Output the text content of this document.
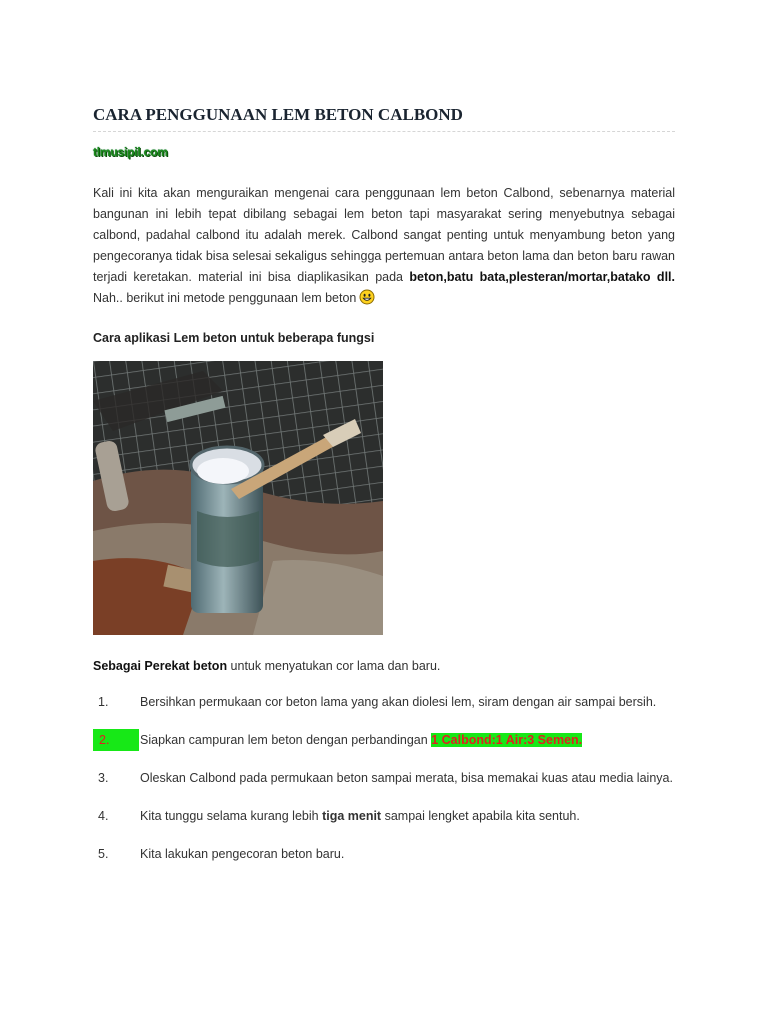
CARA PENGGUNAAN LEM BETON CALBOND
tlmusipil.com

Kali ini kita akan menguraikan mengenai cara penggunaan lem beton Calbond, sebenarnya material bangunan ini lebih tepat dibilang sebagai lem beton tapi masyarakat sering menyebutnya sebagai calbond, padahal calbond itu adalah merek. Calbond sangat penting untuk menyambung beton yang pengecoranya tidak bisa selesai sekaligus sehingga pertemuan antara beton lama dan beton baru rawan terjadi keretakan. material ini bisa diaplikasikan pada beton,batu bata,plesteran/mortar,batako dll. Nah.. berikut ini metode penggunaan lem beton

Cara aplikasi Lem beton untuk beberapa fungsi
Sebagai Perekat beton untuk menyatukan cor lama dan baru.
1.	Bersihkan permukaan cor beton lama yang akan diolesi lem, siram dengan air sampai bersih.
2.	Siapkan campuran lem beton dengan perbandingan 1 Calbond:1 Air:3 Semen.
3.	Oleskan Calbond pada permukaan beton sampai merata, bisa memakai kuas atau media lainya.
4.	Kita tunggu selama kurang lebih tiga menit sampai lengket apabila kita sentuh.
5.	Kita lakukan pengecoran beton baru.
